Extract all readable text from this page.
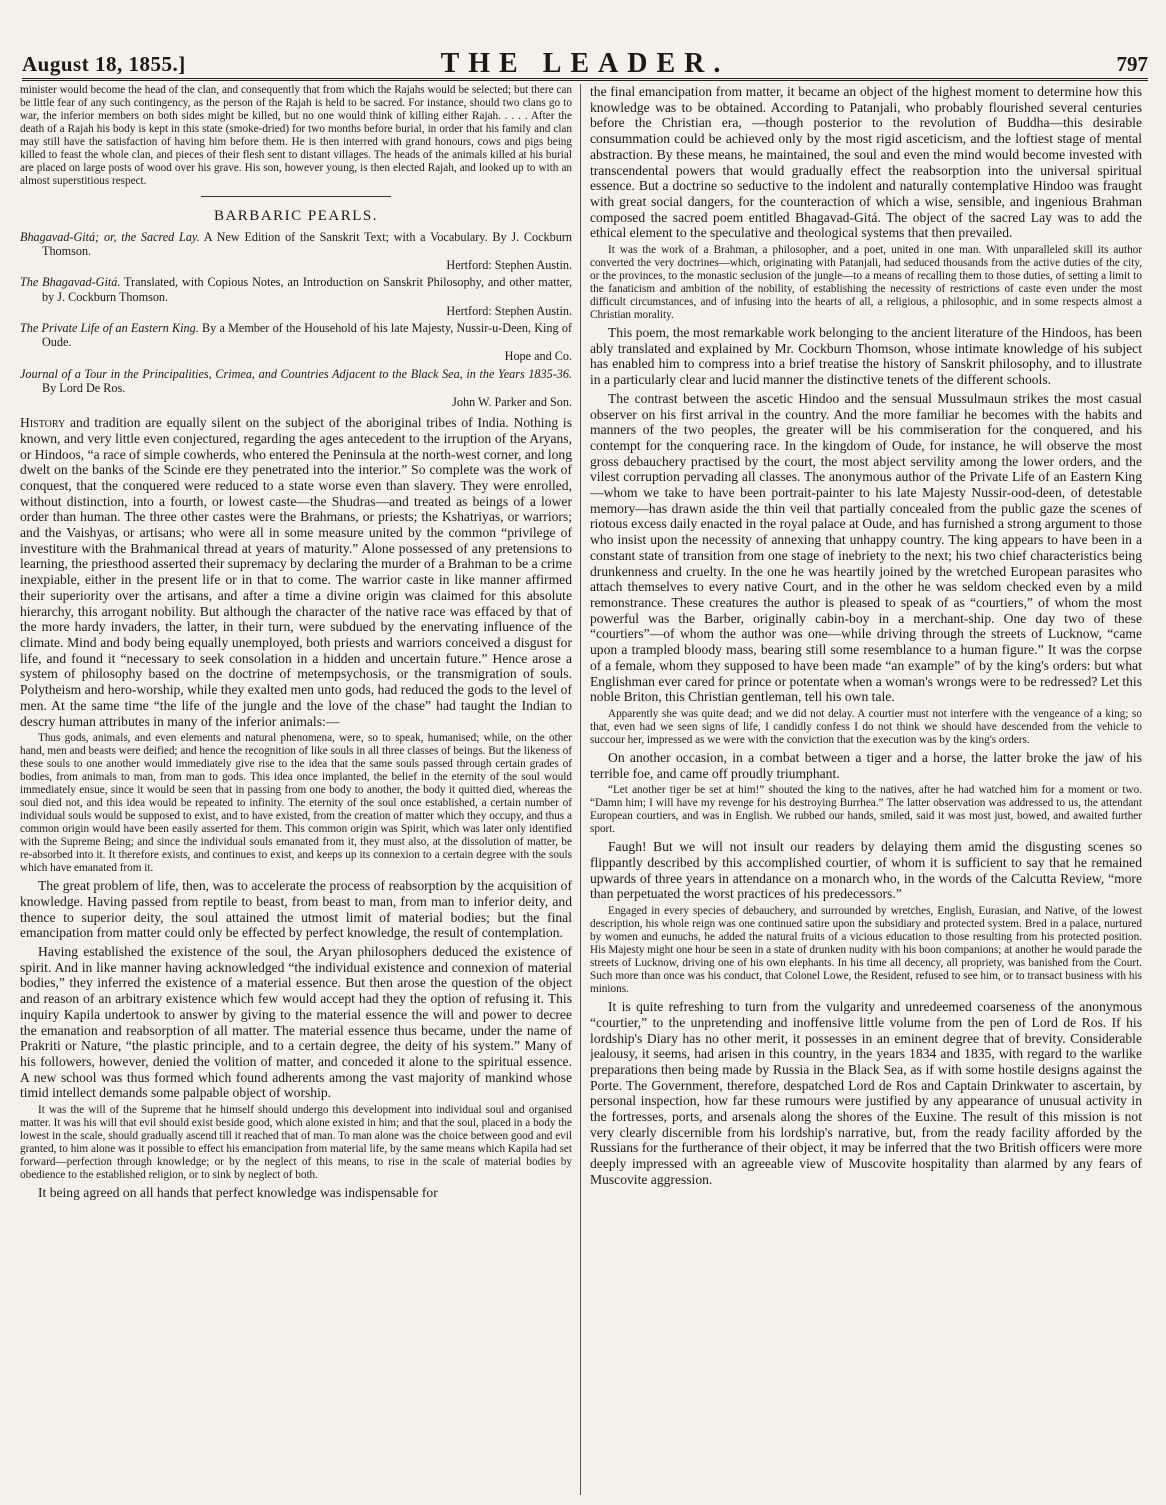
August 18, 1855.]	THE LEADER.	797

minister would become the head of the clan, and consequently that from which the Rajahs would be selected; but there can be little fear of any such contingency, as the person of the Rajah is held to be sacred. For instance, should two clans go to war, the inferior members on both sides might be killed, but no one would think of killing either Rajah. . . . . After the death of a Rajah his body is kept in this state (smoke-dried) for two months before burial, in order that his family and clan may still have the satisfaction of having him before them. He is then interred with grand honours, cows and pigs being killed to feast the whole clan, and pieces of their flesh sent to distant villages. The heads of the animals killed at his burial are placed on large posts of wood over his grave. His son, however young, is then elected Rajah, and looked up to with an almost superstitious respect.

BARBARIC PEARLS.
Bhagavad-Gitá; or, the Sacred Lay. A New Edition of the Sanskrit Text; with a Vocabulary. By J. Cockburn Thomson.
Hertford: Stephen Austin.
The Bhagavad-Gitá. Translated, with Copious Notes, an Introduction on Sanskrit Philosophy, and other matter, by J. Cockburn Thomson.
Hertford: Stephen Austin.
The Private Life of an Eastern King. By a Member of the Household of his late Majesty, Nussir-u-Deen, King of Oude.
Hope and Co.
Journal of a Tour in the Principalities, Crimea, and Countries Adjacent to the Black Sea, in the Years 1835-36. By Lord De Ros.
John W. Parker and Son.

History and tradition are equally silent on the subject of the aboriginal tribes of India. Nothing is known, and very little even conjectured, regarding the ages antecedent to the irruption of the Aryans, or Hindoos, “a race of simple cowherds, who entered the Peninsula at the north-west corner, and long dwelt on the banks of the Scinde ere they penetrated into the interior.” So complete was the work of conquest, that the conquered were reduced to a state worse even than slavery. They were enrolled, without distinction, into a fourth, or lowest caste—the Shudras—and treated as beings of a lower order than human. The three other castes were the Brahmans, or priests; the Kshatriyas, or warriors; and the Vaishyas, or artisans; who were all in some measure united by the common “privilege of investiture with the Brahmanical thread at years of maturity.” Alone possessed of any pretensions to learning, the priesthood asserted their supremacy by declaring the murder of a Brahman to be a crime inexpiable, either in the present life or in that to come. The warrior caste in like manner affirmed their superiority over the artisans, and after a time a divine origin was claimed for this absolute hierarchy, this arrogant nobility. But although the character of the native race was effaced by that of the more hardy invaders, the latter, in their turn, were subdued by the enervating influence of the climate. Mind and body being equally unemployed, both priests and warriors conceived a disgust for life, and found it “necessary to seek consolation in a hidden and uncertain future.” Hence arose a system of philosophy based on the doctrine of metempsychosis, or the transmigration of souls. Polytheism and hero-worship, while they exalted men unto gods, had reduced the gods to the level of men. At the same time “the life of the jungle and the love of the chase” had taught the Indian to descry human attributes in many of the inferior animals:—

Thus gods, animals, and even elements and natural phenomena, were, so to speak, humanised; while, on the other hand, men and beasts were deified; and hence the recognition of like souls in all three classes of beings. But the likeness of these souls to one another would immediately give rise to the idea that the same souls passed through certain grades of bodies, from animals to man, from man to gods. This idea once implanted, the belief in the eternity of the soul would immediately ensue, since it would be seen that in passing from one body to another, the body it quitted died, whereas the soul died not, and this idea would be repeated to infinity. The eternity of the soul once established, a certain number of individual souls would be supposed to exist, and to have existed, from the creation of matter which they occupy, and thus a common origin would have been easily asserted for them. This common origin was Spirit, which was later only identified with the Supreme Being; and since the individual souls emanated from it, they must also, at the dissolution of matter, be re-absorbed into it. It therefore exists, and continues to exist, and keeps up its connexion to a certain degree with the souls which have emanated from it.

The great problem of life, then, was to accelerate the process of reabsorption by the acquisition of knowledge. Having passed from reptile to beast, from beast to man, from man to inferior deity, and thence to superior deity, the soul attained the utmost limit of material bodies; but the final emancipation from matter could only be effected by perfect knowledge, the result of contemplation.

Having established the existence of the soul, the Aryan philosophers deduced the existence of spirit. And in like manner having acknowledged “the individual existence and connexion of material bodies,” they inferred the existence of a material essence. But then arose the question of the object and reason of an arbitrary existence which few would accept had they the option of refusing it. This inquiry Kapila undertook to answer by giving to the material essence the will and power to decree the emanation and reabsorption of all matter. The material essence thus became, under the name of Prakriti or Nature, “the plastic principle, and to a certain degree, the deity of his system.” Many of his followers, however, denied the volition of matter, and conceded it alone to the spiritual essence. A new school was thus formed which found adherents among the vast majority of mankind whose timid intellect demands some palpable object of worship.

It was the will of the Supreme that he himself should undergo this development into individual soul and organised matter. It was his will that evil should exist beside good, which alone existed in him; and that the soul, placed in a body the lowest in the scale, should gradually ascend till it reached that of man. To man alone was the choice between good and evil granted, to him alone was it possible to effect his emancipation from material life, by the same means which Kapila had set forward—perfection through knowledge; or by the neglect of this means, to rise in the scale of material bodies by obedience to the established religion, or to sink by neglect of both.

It being agreed on all hands that perfect knowledge was indispensable for

the final emancipation from matter, it became an object of the highest moment to determine how this knowledge was to be obtained. According to Patanjali, who probably flourished several centuries before the Christian era, —though posterior to the revolution of Buddha—this desirable consummation could be achieved only by the most rigid asceticism, and the loftiest stage of mental abstraction. By these means, he maintained, the soul and even the mind would become invested with transcendental powers that would gradually effect the reabsorption into the universal spiritual essence. But a doctrine so seductive to the indolent and naturally contemplative Hindoo was fraught with great social dangers, for the counteraction of which a wise, sensible, and ingenious Brahman composed the sacred poem entitled Bhagavad-Gitá. The object of the sacred Lay was to add the ethical element to the speculative and theological systems that then prevailed.

It was the work of a Brahman, a philosopher, and a poet, united in one man. With unparalleled skill its author converted the very doctrines—which, originating with Patanjali, had seduced thousands from the active duties of the city, or the provinces, to the monastic seclusion of the jungle—to a means of recalling them to those duties, of setting a limit to the fanaticism and ambition of the nobility, of establishing the necessity of restrictions of caste even under the most difficult circumstances, and of infusing into the hearts of all, a religious, a philosophic, and in some respects almost a Christian morality.

This poem, the most remarkable work belonging to the ancient literature of the Hindoos, has been ably translated and explained by Mr. Cockburn Thomson, whose intimate knowledge of his subject has enabled him to compress into a brief treatise the history of Sanskrit philosophy, and to illustrate in a particularly clear and lucid manner the distinctive tenets of the different schools.

The contrast between the ascetic Hindoo and the sensual Mussulmaun strikes the most casual observer on his first arrival in the country. And the more familiar he becomes with the habits and manners of the two peoples, the greater will be his commiseration for the conquered, and his contempt for the conquering race. In the kingdom of Oude, for instance, he will observe the most gross debauchery practised by the court, the most abject servility among the lower orders, and the vilest corruption pervading all classes. The anonymous author of the Private Life of an Eastern King —whom we take to have been portrait-painter to his late Majesty Nussir-ood-deen, of detestable memory—has drawn aside the thin veil that partially concealed from the public gaze the scenes of riotous excess daily enacted in the royal palace at Oude, and has furnished a strong argument to those who insist upon the necessity of annexing that unhappy country. The king appears to have been in a constant state of transition from one stage of inebriety to the next; his two chief characteristics being drunkenness and cruelty. In the one he was heartily joined by the wretched European parasites who attach themselves to every native Court, and in the other he was seldom checked even by a mild remonstrance. These creatures the author is pleased to speak of as “courtiers,” of whom the most powerful was the Barber, originally cabin-boy in a merchant-ship. One day two of these “courtiers”—of whom the author was one—while driving through the streets of Lucknow, “came upon a trampled bloody mass, bearing still some resemblance to a human figure.” It was the corpse of a female, whom they supposed to have been made “an example” of by the king's orders: but what Englishman ever cared for prince or potentate when a woman's wrongs were to be redressed? Let this noble Briton, this Christian gentleman, tell his own tale.

Apparently she was quite dead; and we did not delay. A courtier must not interfere with the vengeance of a king; so that, even had we seen signs of life, I candidly confess I do not think we should have descended from the vehicle to succour her, impressed as we were with the conviction that the execution was by the king's orders.

On another occasion, in a combat between a tiger and a horse, the latter broke the jaw of his terrible foe, and came off proudly triumphant.

“Let another tiger be set at him!” shouted the king to the natives, after he had watched him for a moment or two. “Damn him; I will have my revenge for his destroying Burrhea.” The latter observation was addressed to us, the attendant European courtiers, and was in English. We rubbed our hands, smiled, said it was most just, bowed, and awaited further sport.

Faugh! But we will not insult our readers by delaying them amid the disgusting scenes so flippantly described by this accomplished courtier, of whom it is sufficient to say that he remained upwards of three years in attendance on a monarch who, in the words of the Calcutta Review, “more than perpetuated the worst practices of his predecessors.”

Engaged in every species of debauchery, and surrounded by wretches, English, Eurasian, and Native, of the lowest description, his whole reign was one continued satire upon the subsidiary and protected system. Bred in a palace, nurtured by women and eunuchs, he added the natural fruits of a vicious education to those resulting from his protected position. His Majesty might one hour be seen in a state of drunken nudity with his boon companions; at another he would parade the streets of Lucknow, driving one of his own elephants. In his time all decency, all propriety, was banished from the Court. Such more than once was his conduct, that Colonel Lowe, the Resident, refused to see him, or to transact business with his minions.

It is quite refreshing to turn from the vulgarity and unredeemed coarseness of the anonymous “courtier,” to the unpretending and inoffensive little volume from the pen of Lord de Ros. If his lordship's Diary has no other merit, it possesses in an eminent degree that of brevity. Considerable jealousy, it seems, had arisen in this country, in the years 1834 and 1835, with regard to the warlike preparations then being made by Russia in the Black Sea, as if with some hostile designs against the Porte. The Government, therefore, despatched Lord de Ros and Captain Drinkwater to ascertain, by personal inspection, how far these rumours were justified by any appearance of unusual activity in the fortresses, ports, and arsenals along the shores of the Euxine. The result of this mission is not very clearly discernible from his lordship's narrative, but, from the ready facility afforded by the Russians for the furtherance of their object, it may be inferred that the two British officers were more deeply impressed with an agreeable view of Muscovite hospitality than alarmed by any fears of Muscovite aggression.
